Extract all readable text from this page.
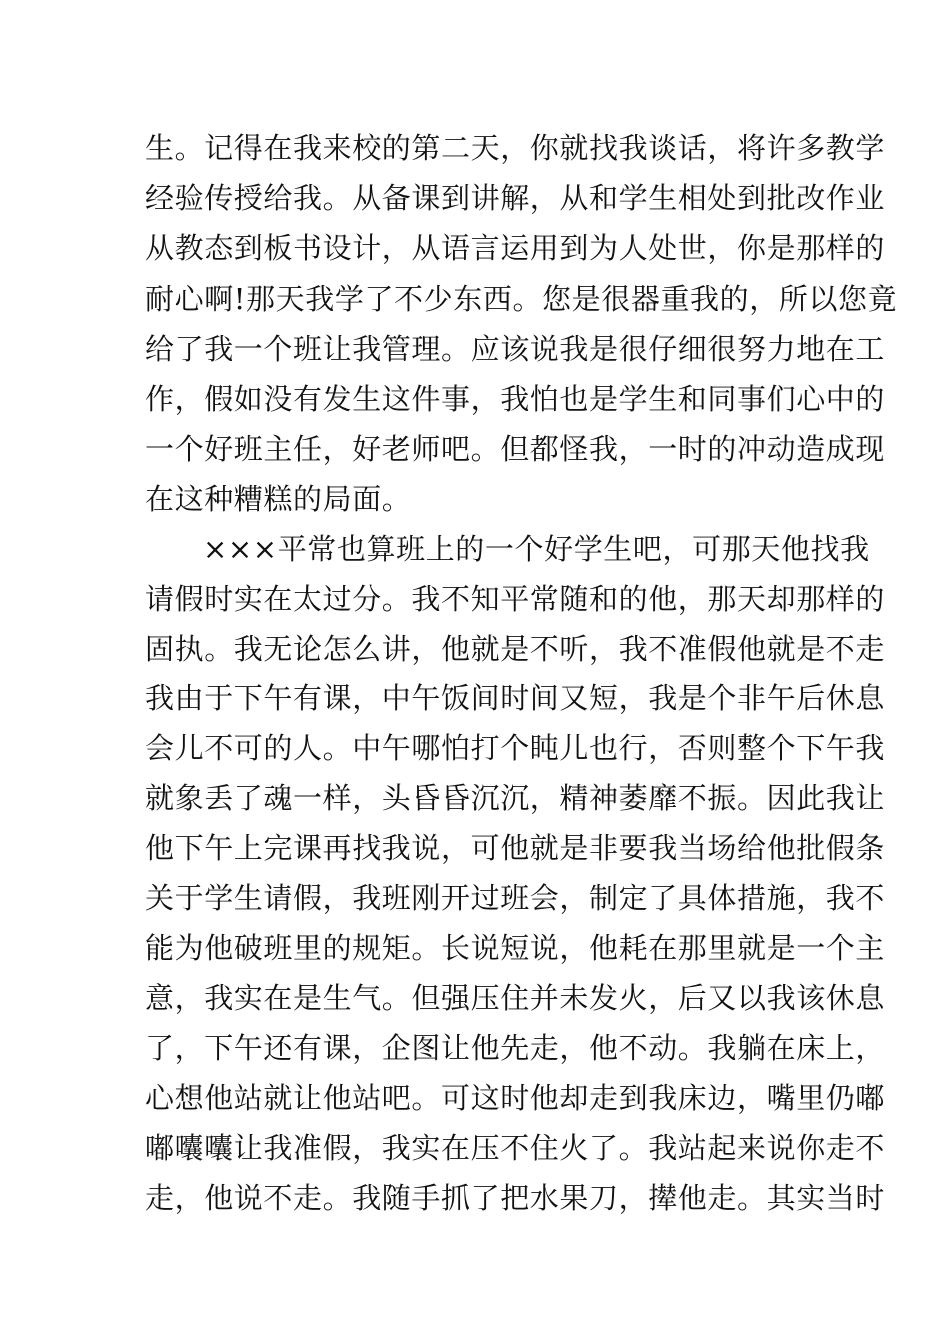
生。记得在我来校的第二天，你就找我谈话，将许多教学
经验传授给我。从备课到讲解，从和学生相处到批改作业
从教态到板书设计，从语言运用到为人处世，你是那样的
耐心啊!那天我学了不少东西。您是很器重我的，所以您竟
给了我一个班让我管理。应该说我是很仔细很努力地在工
作，假如没有发生这件事，我怕也是学生和同事们心中的
一个好班主任，好老师吧。但都怪我，一时的冲动造成现
在这种糟糕的局面。
×××平常也算班上的一个好学生吧，可那天他找我
请假时实在太过分。我不知平常随和的他，那天却那样的
固执。我无论怎么讲，他就是不听，我不准假他就是不走
我由于下午有课，中午饭间时间又短，我是个非午后休息
会儿不可的人。中午哪怕打个盹儿也行，否则整个下午我
就象丢了魂一样，头昏昏沉沉，精神萎靡不振。因此我让
他下午上完课再找我说，可他就是非要我当场给他批假条
关于学生请假，我班刚开过班会，制定了具体措施，我不
能为他破班里的规矩。长说短说，他耗在那里就是一个主
意，我实在是生气。但强压住并未发火，后又以我该休息
了，下午还有课，企图让他先走，他不动。我躺在床上，
心想他站就让他站吧。可这时他却走到我床边，嘴里仍嘟
嘟囔囔让我准假，我实在压不住火了。我站起来说你走不
走，他说不走。我随手抓了把水果刀，撵他走。其实当时
